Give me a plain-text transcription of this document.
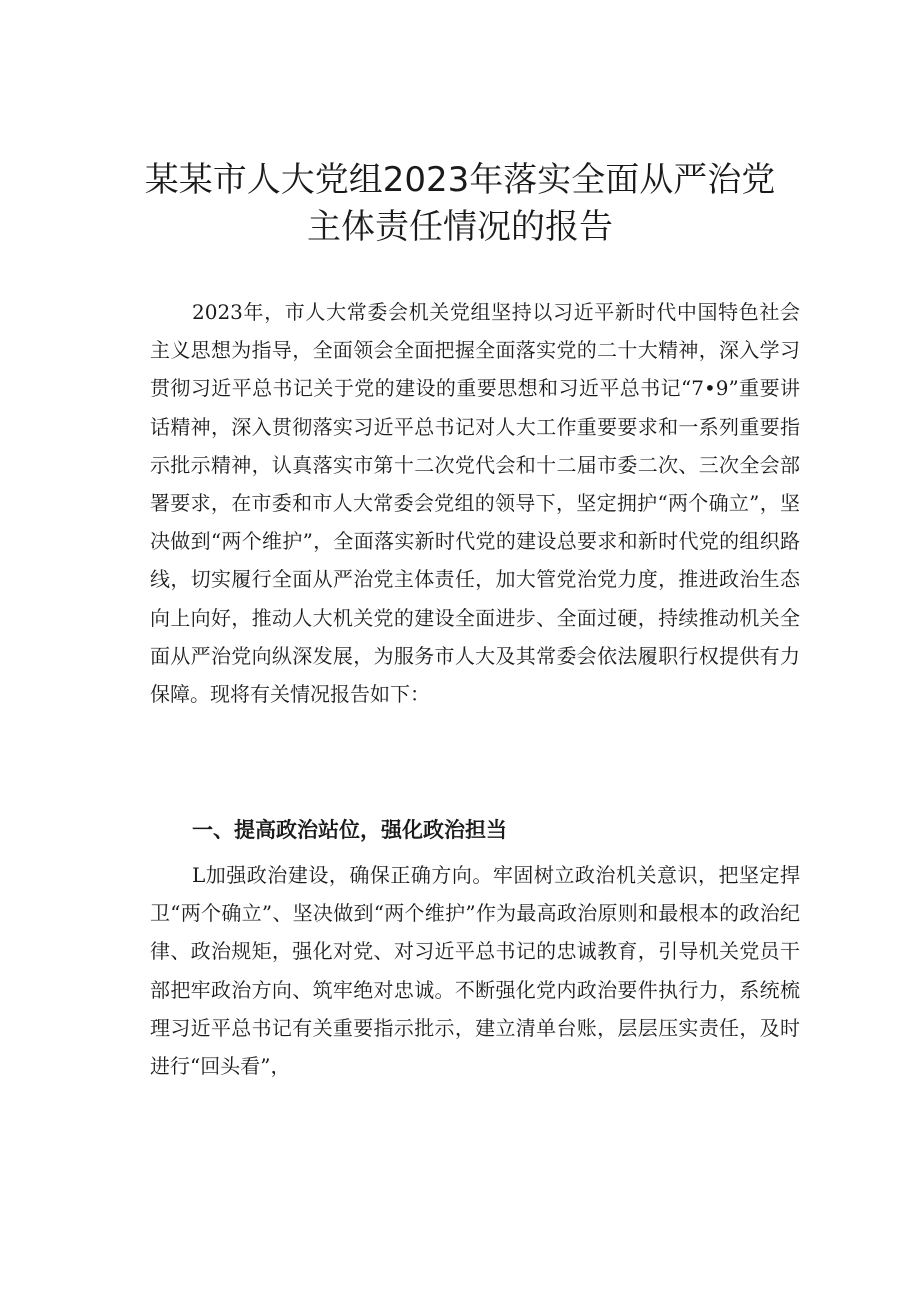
某某市人大党组2023年落实全面从严治党
主体责任情况的报告

2023年，市人大常委会机关党组坚持以习近平新时代中国特色社会主义思想为指导，全面领会全面把握全面落实党的二十大精神，深入学习贯彻习近平总书记关于党的建设的重要思想和习近平总书记“7•9”重要讲话精神，深入贯彻落实习近平总书记对人大工作重要要求和一系列重要指示批示精神，认真落实市第十二次党代会和十二届市委二次、三次全会部署要求，在市委和市人大常委会党组的领导下，坚定拥护“两个确立”，坚决做到“两个维护”，全面落实新时代党的建设总要求和新时代党的组织路线，切实履行全面从严治党主体责任，加大管党治党力度，推进政治生态向上向好，推动人大机关党的建设全面进步、全面过硬，持续推动机关全面从严治党向纵深发展，为服务市人大及其常委会依法履职行权提供有力保障。现将有关情况报告如下：

一、提高政治站位，强化政治担当

L加强政治建设，确保正确方向。牢固树立政治机关意识，把坚定捍卫“两个确立”、坚决做到“两个维护”作为最高政治原则和最根本的政治纪律、政治规矩，强化对党、对习近平总书记的忠诚教育，引导机关党员干部把牢政治方向、筑牢绝对忠诚。不断强化党内政治要件执行力，系统梳理习近平总书记有关重要指示批示，建立清单台账，层层压实责任，及时进行“回头看”，
